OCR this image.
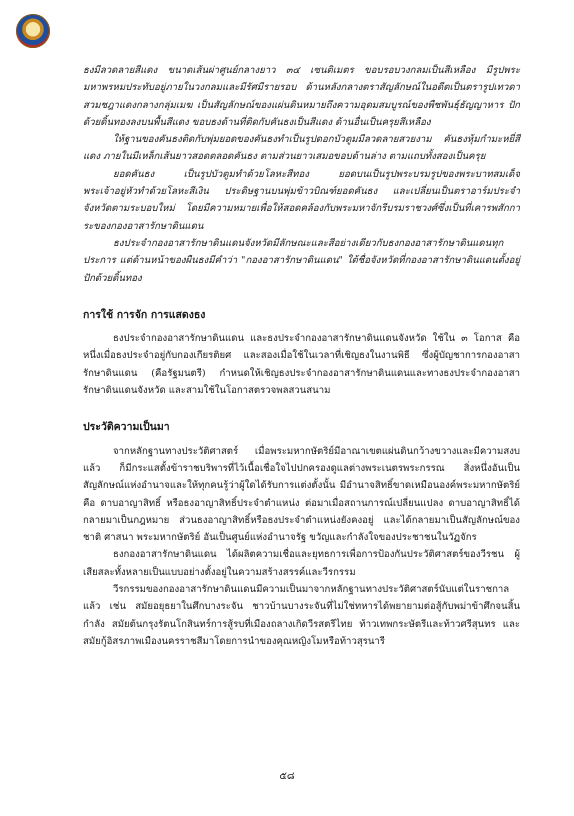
ธงมีลวดลายสีแดง ขนาดเส้นผ่าศูนย์กลางยาว ๓๔ เซนติเมตร ขอบรอบวงกลมเป็นสีเหลือง มีรูปพระมหาพรหมประทับอยู่ภายในวงกลมและมีรัศมีรายรอบ ด้านหลังกลางตราสัญลักษณ์ในอดีตเป็นตรารูปเทวดาสวมชฎาแดงกลางกลุ่มเมฆ เป็นสัญลักษณ์ของแผ่นดินหมายถึงความอุดมสมบูรณ์ของพืชพันธุ์ธัญญาหาร ปักด้วยดิ้นทองลงบนพื้นสีแดง ขอบธงด้านที่ติดกับคันธงเป็นสีแดง ด้านอื่นเป็นครุยสีเหลือง

ให้ฐานของคันธงติดกับพุ่มยอดของคันธงทำเป็นรูปดอกบัวตูมมีลวดลายสวยงาม คันธงหุ้มกำมะหยี่สีแดง ภายในมีเหล็กเส้นยาวสอดตลอดคันธง ตามส่วนยาวเสมอขอบด้านล่าง ตามแถบทั้งสองเป็นครุย

ยอดคันธง เป็นรูปบัวตูมทำด้วยโลหะสีทอง ยอดบนเป็นรูปพระบรมรูปของพระบาทสมเด็จพระเจ้าอยู่หัวทำด้วยโลหะสีเงิน ประดิษฐานบนพุ่มข้าวบิณฑ์ยอดคันธง และเปลี่ยนเป็นตราอาร์มประจำจังหวัดตามระบอบใหม่ โดยมีความหมายเพื่อให้สอดคล้องกับพระมหาจักรีบรมราชวงศ์ซึ่งเป็นที่เคารพสักการะของกองอาสารักษาดินแดน

ธงประจำกองอาสารักษาดินแดนจังหวัดมีลักษณะและสีอย่างเดียวกับธงกองอาสารักษาดินแดนทุกประการ แต่ด้านหน้าของผืนธงมีคำว่า "กองอาสารักษาดินแดน" ใต้ชื่อจังหวัดที่กองอาสารักษาดินแดนตั้งอยู่ ปักด้วยดิ้นทอง

การใช้ การจัก การแสดงธง

ธงประจำกองอาสารักษาดินแดน และธงประจำกองอาสารักษาดินแดนจังหวัด ใช้ใน ๓ โอกาส คือ หนึ่งเมื่อธงประจำอยู่กับกองเกียรติยศ และสองเมื่อใช้ในเวลาที่เชิญธงในงานพิธี ซึ่งผู้บัญชาการกองอาสารักษาดินแดน (คือรัฐมนตรี) กำหนดให้เชิญธงประจำกองอาสารักษาดินแดนและทางธงประจำกองอาสารักษาดินแดนจังหวัด และสามใช้ในโอกาสตรวจพลสวนสนาม

ประวัติความเป็นมา

จากหลักฐานทางประวัติศาสตร์ เมื่อพระมหากษัตริย์มีอาณาเขตแผ่นดินกว้างขวางและมีความสงบแล้ว ก็มีกระแสตั้งข้าราชบริพารที่ไว้เนื้อเชื่อใจไปปกครองดูแลต่างพระเนตรพระกรรณ สิ่งหนึ่งอันเป็นสัญลักษณ์แห่งอำนาจและให้ทุกคนรู้ว่าผู้ใดได้รับการแต่งตั้งนั้น มีอำนาจสิทธิ์ขาดเหมือนองค์พระมหากษัตริย์ คือ ดาบอาญาสิทธิ์ หรือธงอาญาสิทธิ์ประจำตำแหน่ง ต่อมาเมื่อสถานการณ์เปลี่ยนแปลง ดาบอาญาสิทธิ์ได้กลายมาเป็นกฎหมาย ส่วนธงอาญาสิทธิ์หรือธงประจำตำแหน่งยังคงอยู่ และได้กลายมาเป็นสัญลักษณ์ของชาติ ศาสนา พระมหากษัตริย์ อันเป็นศูนย์แห่งอำนาจรัฐ ขวัญและกำลังใจของประชาชนในวัฏจักร

ธงกองอาสารักษาดินแดน ได้ผลิตความเชื่อและยุทธการเพื่อการป้องกันประวัติศาสตร์ของวีรชน ผู้เสียสละทั้งหลายเป็นแบบอย่างตั้งอยู่ในความสร้างสรรค์และวีรกรรม

วีรกรรมของกองอาสารักษาดินแดนมีความเป็นมาจากหลักฐานทางประวัติศาสตร์นับแต่ในราชกาลแล้ว เช่น สมัยอยุธยาในศึกบางระจัน ชาวบ้านบางระจันที่ไม่ใช่ทหารได้พยายามต่อสู้กับพม่าข้าศึกจนสิ้นกำลัง สมัยต้นกรุงรัตนโกสินทร์การสู้รบที่เมืองถลางเกิดวีรสตรีไทย ท้าวเทพกระษัตรีและท้าวศรีสุนทร และสมัยกู้อิสรภาพเมืองนครราชสีมาโดยการนำของคุณหญิงโมหรือท้าวสุรนารี

๕๘
